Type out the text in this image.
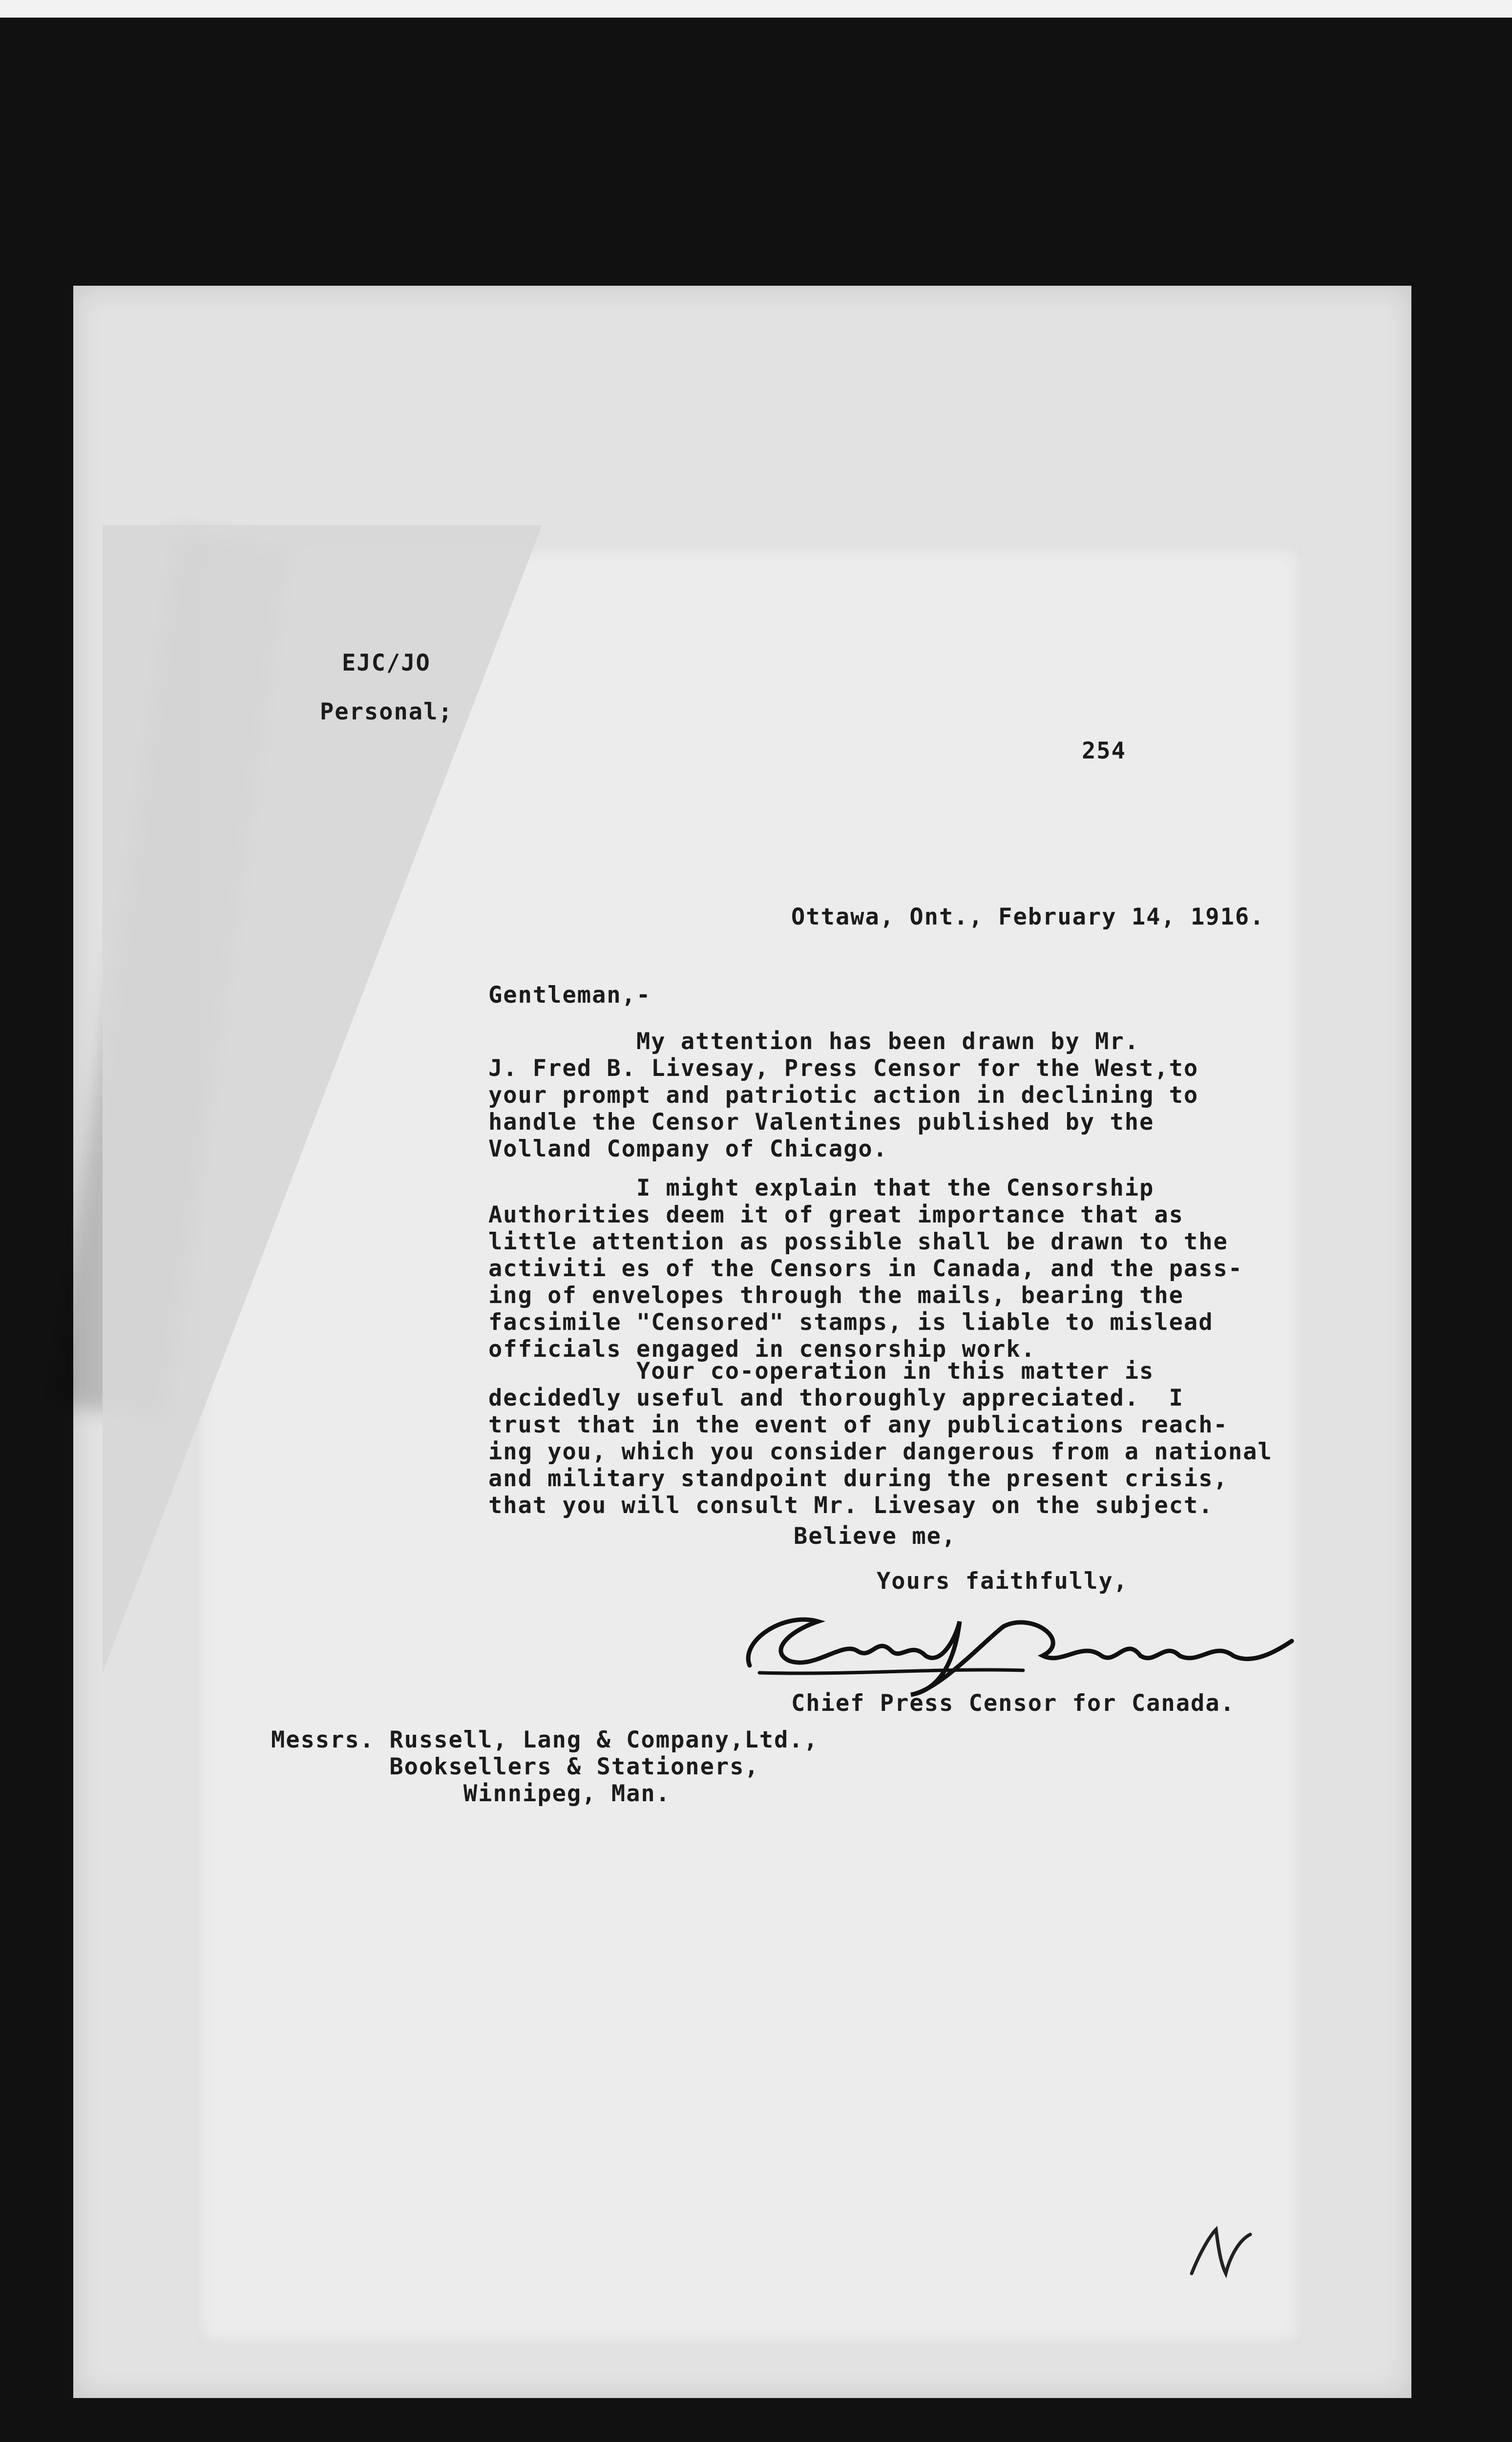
EJC/JO
Personal;
254
Ottawa, Ont., February 14, 1916.
Gentleman,-
My attention has been drawn by Mr.
J. Fred B. Livesay, Press Censor for the West,to
your prompt and patriotic action in declining to
handle the Censor Valentines published by the
Volland Company of Chicago.
I might explain that the Censorship
Authorities deem it of great importance that as
little attention as possible shall be drawn to the
activiti es of the Censors in Canada, and the pass-
ing of envelopes through the mails, bearing the
facsimile "Censored" stamps, is liable to mislead
officials engaged in censorship work.
Your co-operation in this matter is
decidedly useful and thoroughly appreciated.  I
trust that in the event of any publications reach-
ing you, which you consider dangerous from a national
and military standpoint during the present crisis,
that you will consult Mr. Livesay on the subject.
Believe me,
Yours faithfully,
Chief Press Censor for Canada.
Messrs. Russell, Lang & Company,Ltd.,
Booksellers & Stationers,
Winnipeg, Man.
